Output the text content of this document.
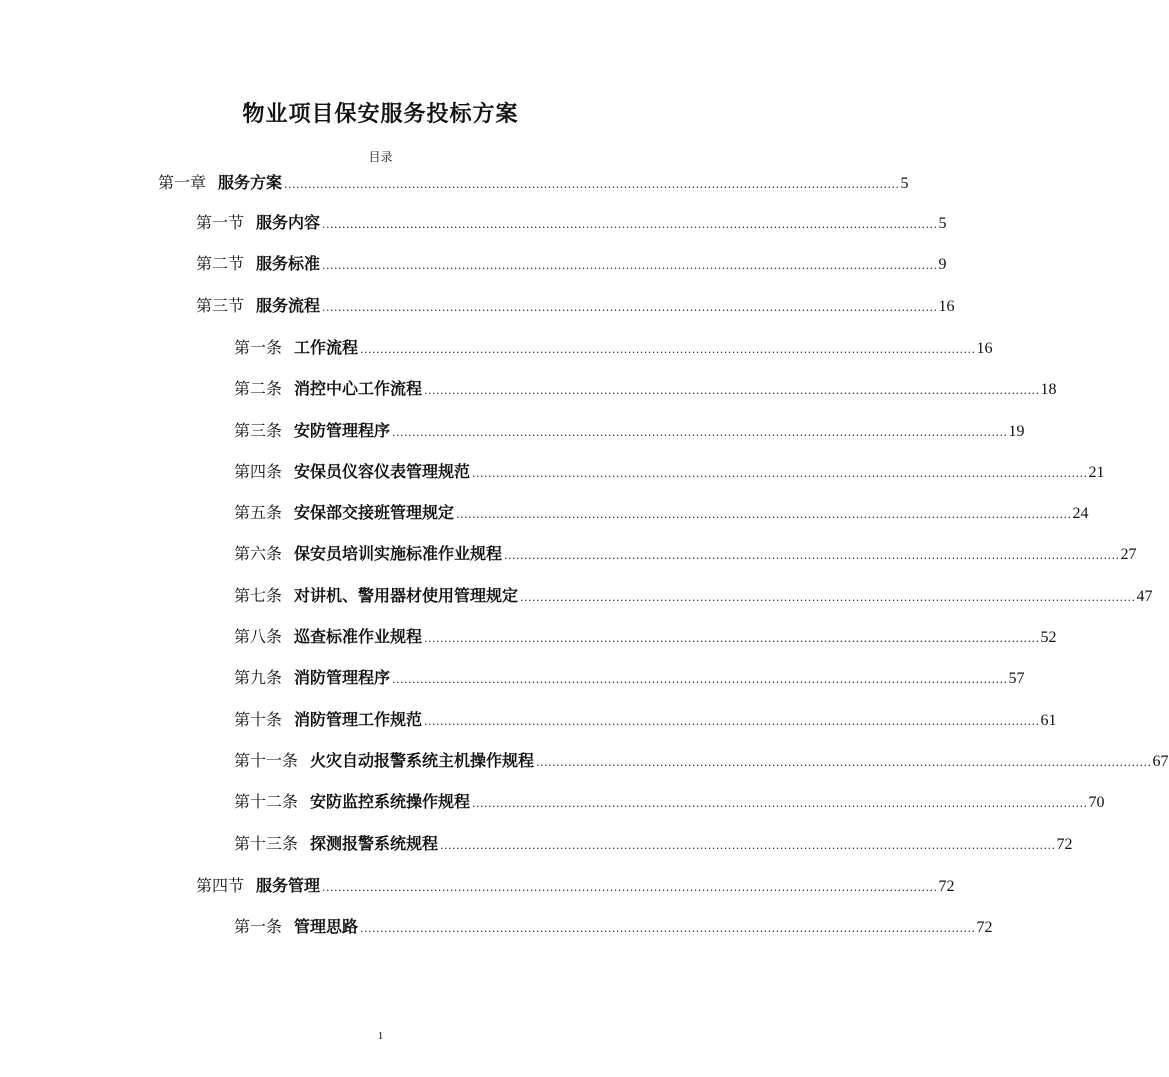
物业项目保安服务投标方案
目录
第一章 服务方案 .......................................................................................................................................................... 5
第一节 服务内容 .......................................................................................................................................................... 5
第二节 服务标准 .......................................................................................................................................................... 9
第三节 服务流程 .......................................................................................................................................................... 16
第一条 工作流程 .......................................................................................................................................................... 16
第二条 消控中心工作流程 .......................................................................................................................................................... 18
第三条 安防管理程序 .......................................................................................................................................................... 19
第四条 安保员仪容仪表管理规范 .......................................................................................................................................................... 21
第五条 安保部交接班管理规定 .......................................................................................................................................................... 24
第六条 保安员培训实施标准作业规程 .......................................................................................................................................................... 27
第七条 对讲机、警用器材使用管理规定 .......................................................................................................................................................... 47
第八条 巡查标准作业规程 .......................................................................................................................................................... 52
第九条 消防管理程序 .......................................................................................................................................................... 57
第十条 消防管理工作规范 .......................................................................................................................................................... 61
第十一条 火灾自动报警系统主机操作规程 .......................................................................................................................................................... 67
第十二条 安防监控系统操作规程 .......................................................................................................................................................... 70
第十三条 探测报警系统规程 .......................................................................................................................................................... 72
第四节 服务管理 .......................................................................................................................................................... 72
第一条 管理思路 .......................................................................................................................................................... 72
1
